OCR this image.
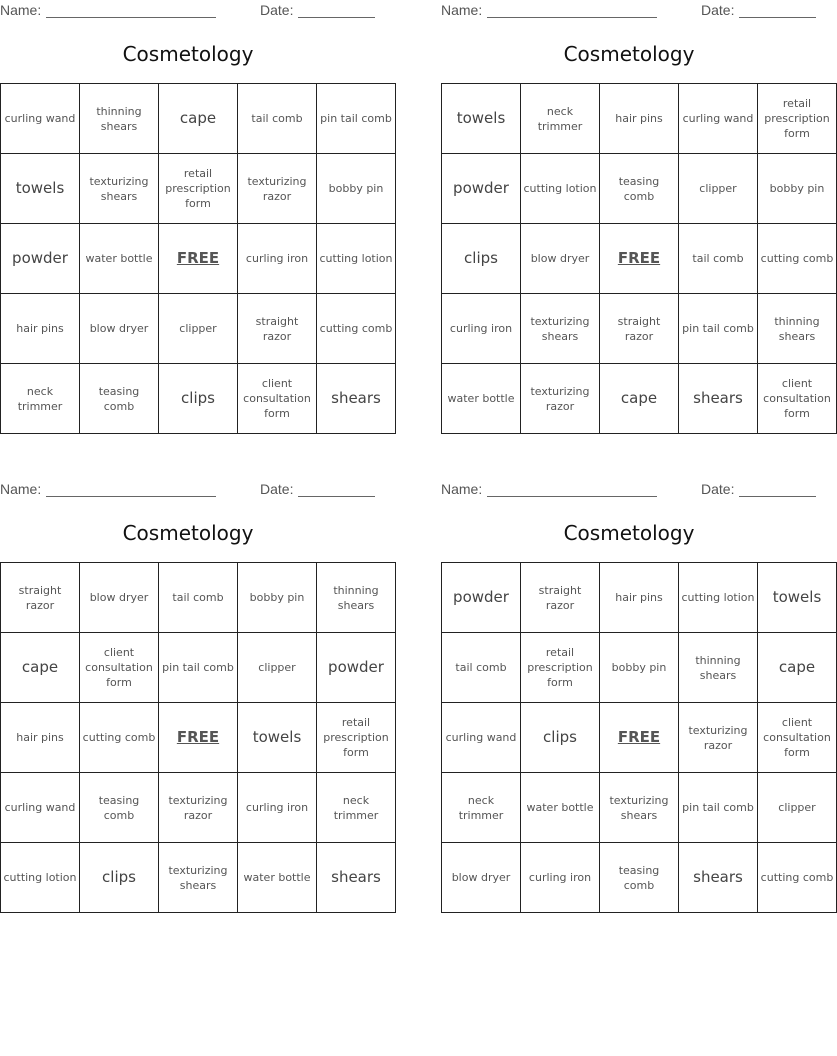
Name:	Date:
Cosmetology
curling wand	thinning shears	cape	tail comb	pin tail comb
towels	texturizing shears	retail prescription form	texturizing razor	bobby pin
powder	water bottle	FREE	curling iron	cutting lotion
hair pins	blow dryer	clipper	straight razor	cutting comb
neck trimmer	teasing comb	clips	client consultation form	shears
Name:	Date:
Cosmetology
towels	neck trimmer	hair pins	curling wand	retail prescription form
powder	cutting lotion	teasing comb	clipper	bobby pin
clips	blow dryer	FREE	tail comb	cutting comb
curling iron	texturizing shears	straight razor	pin tail comb	thinning shears
water bottle	texturizing razor	cape	shears	client consultation form
Name:	Date:
Cosmetology
straight razor	blow dryer	tail comb	bobby pin	thinning shears
cape	client consultation form	pin tail comb	clipper	powder
hair pins	cutting comb	FREE	towels	retail prescription form
curling wand	teasing comb	texturizing razor	curling iron	neck trimmer
cutting lotion	clips	texturizing shears	water bottle	shears
Name:	Date:
Cosmetology
powder	straight razor	hair pins	cutting lotion	towels
tail comb	retail prescription form	bobby pin	thinning shears	cape
curling wand	clips	FREE	texturizing razor	client consultation form
neck trimmer	water bottle	texturizing shears	pin tail comb	clipper
blow dryer	curling iron	teasing comb	shears	cutting comb
